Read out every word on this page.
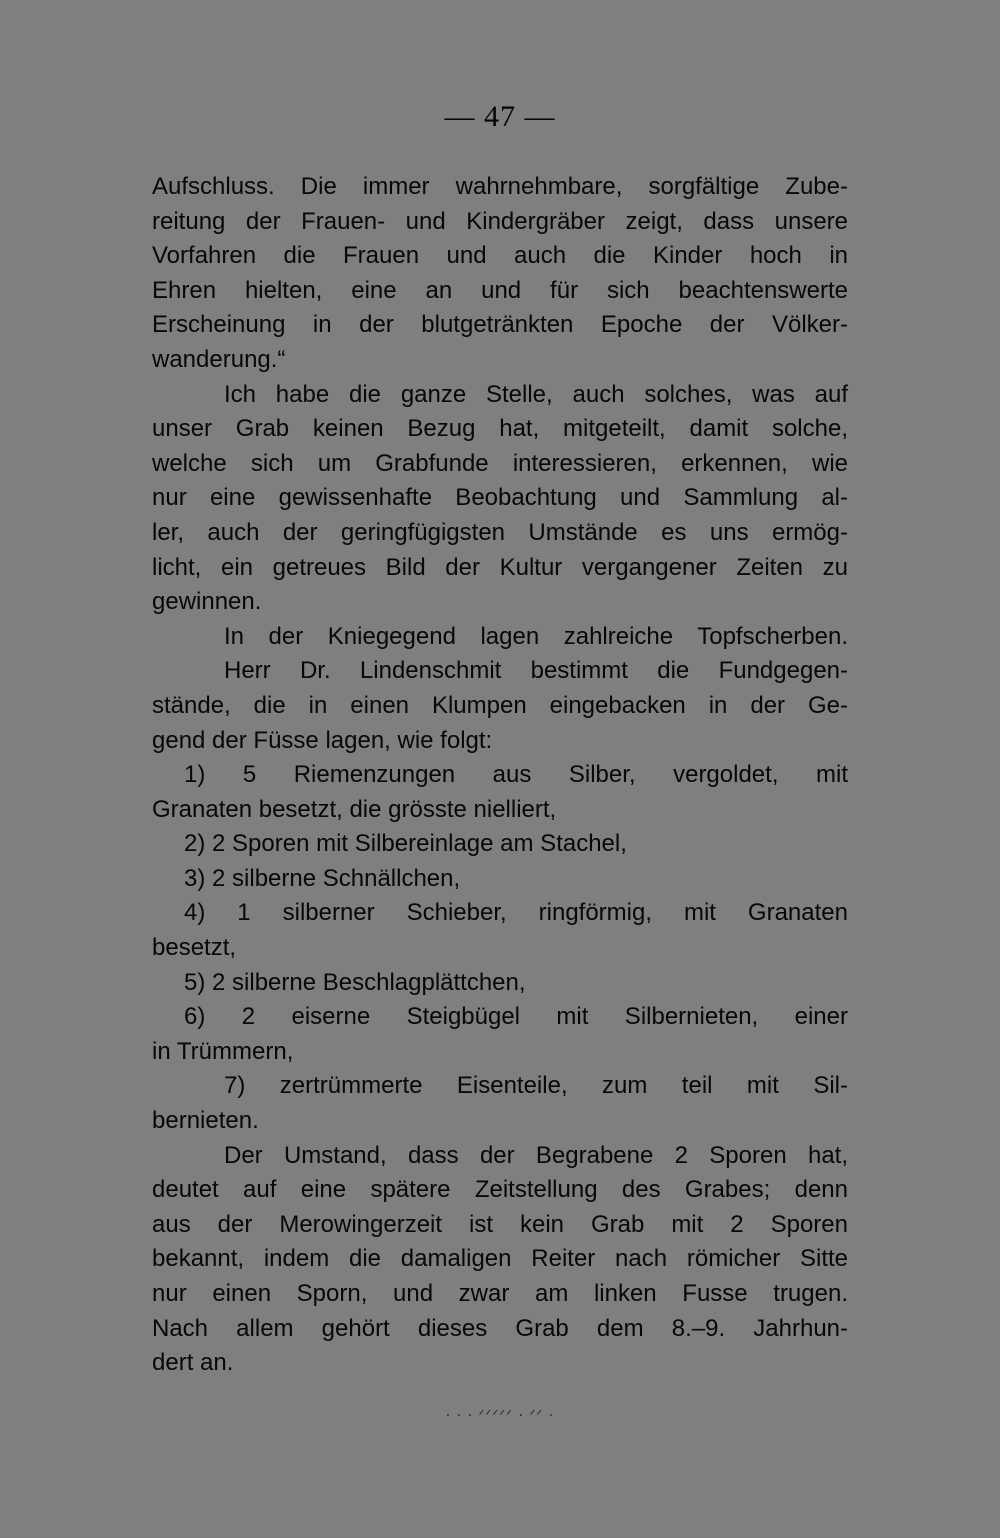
— 47 —
Aufschluss. Die immer wahrnehmbare, sorgfältige Zube-
reitung der Frauen- und Kindergräber zeigt, dass unsere
Vorfahren die Frauen und auch die Kinder hoch in
Ehren hielten, eine an und für sich beachtenswerte
Erscheinung in der blutgetränkten Epoche der Völker-
wanderung.“
Ich habe die ganze Stelle, auch solches, was auf
unser Grab keinen Bezug hat, mitgeteilt, damit solche,
welche sich um Grabfunde interessieren, erkennen, wie
nur eine gewissenhafte Beobachtung und Sammlung al-
ler, auch der geringfügigsten Umstände es uns ermög-
licht, ein getreues Bild der Kultur vergangener Zeiten zu
gewinnen.
In der Kniegegend lagen zahlreiche Topfscherben.
Herr Dr. Lindenschmit bestimmt die Fundgegen-
stände, die in einen Klumpen eingebacken in der Ge-
gend der Füsse lagen, wie folgt:
1) 5 Riemenzungen aus Silber, vergoldet, mit
Granaten besetzt, die grösste nielliert,
2) 2 Sporen mit Silbereinlage am Stachel,
3) 2 silberne Schnällchen,
4) 1 silberner Schieber, ringförmig, mit Granaten
besetzt,
5) 2 silberne Beschlagplättchen,
6) 2 eiserne Steigbügel mit Silbernieten, einer
in Trümmern,
7) zertrümmerte Eisenteile, zum teil mit Sil-
bernieten.
Der Umstand, dass der Begrabene 2 Sporen hat,
deutet auf eine spätere Zeitstellung des Grabes; denn
aus der Merowingerzeit ist kein Grab mit 2 Sporen
bekannt, indem die damaligen Reiter nach römicher Sitte
nur einen Sporn, und zwar am linken Fusse trugen.
Nach allem gehört dieses Grab dem 8.–9. Jahrhun-
dert an.
· · · ᐟᐟᐟᐟᐟ · ᐟᐟ ·
